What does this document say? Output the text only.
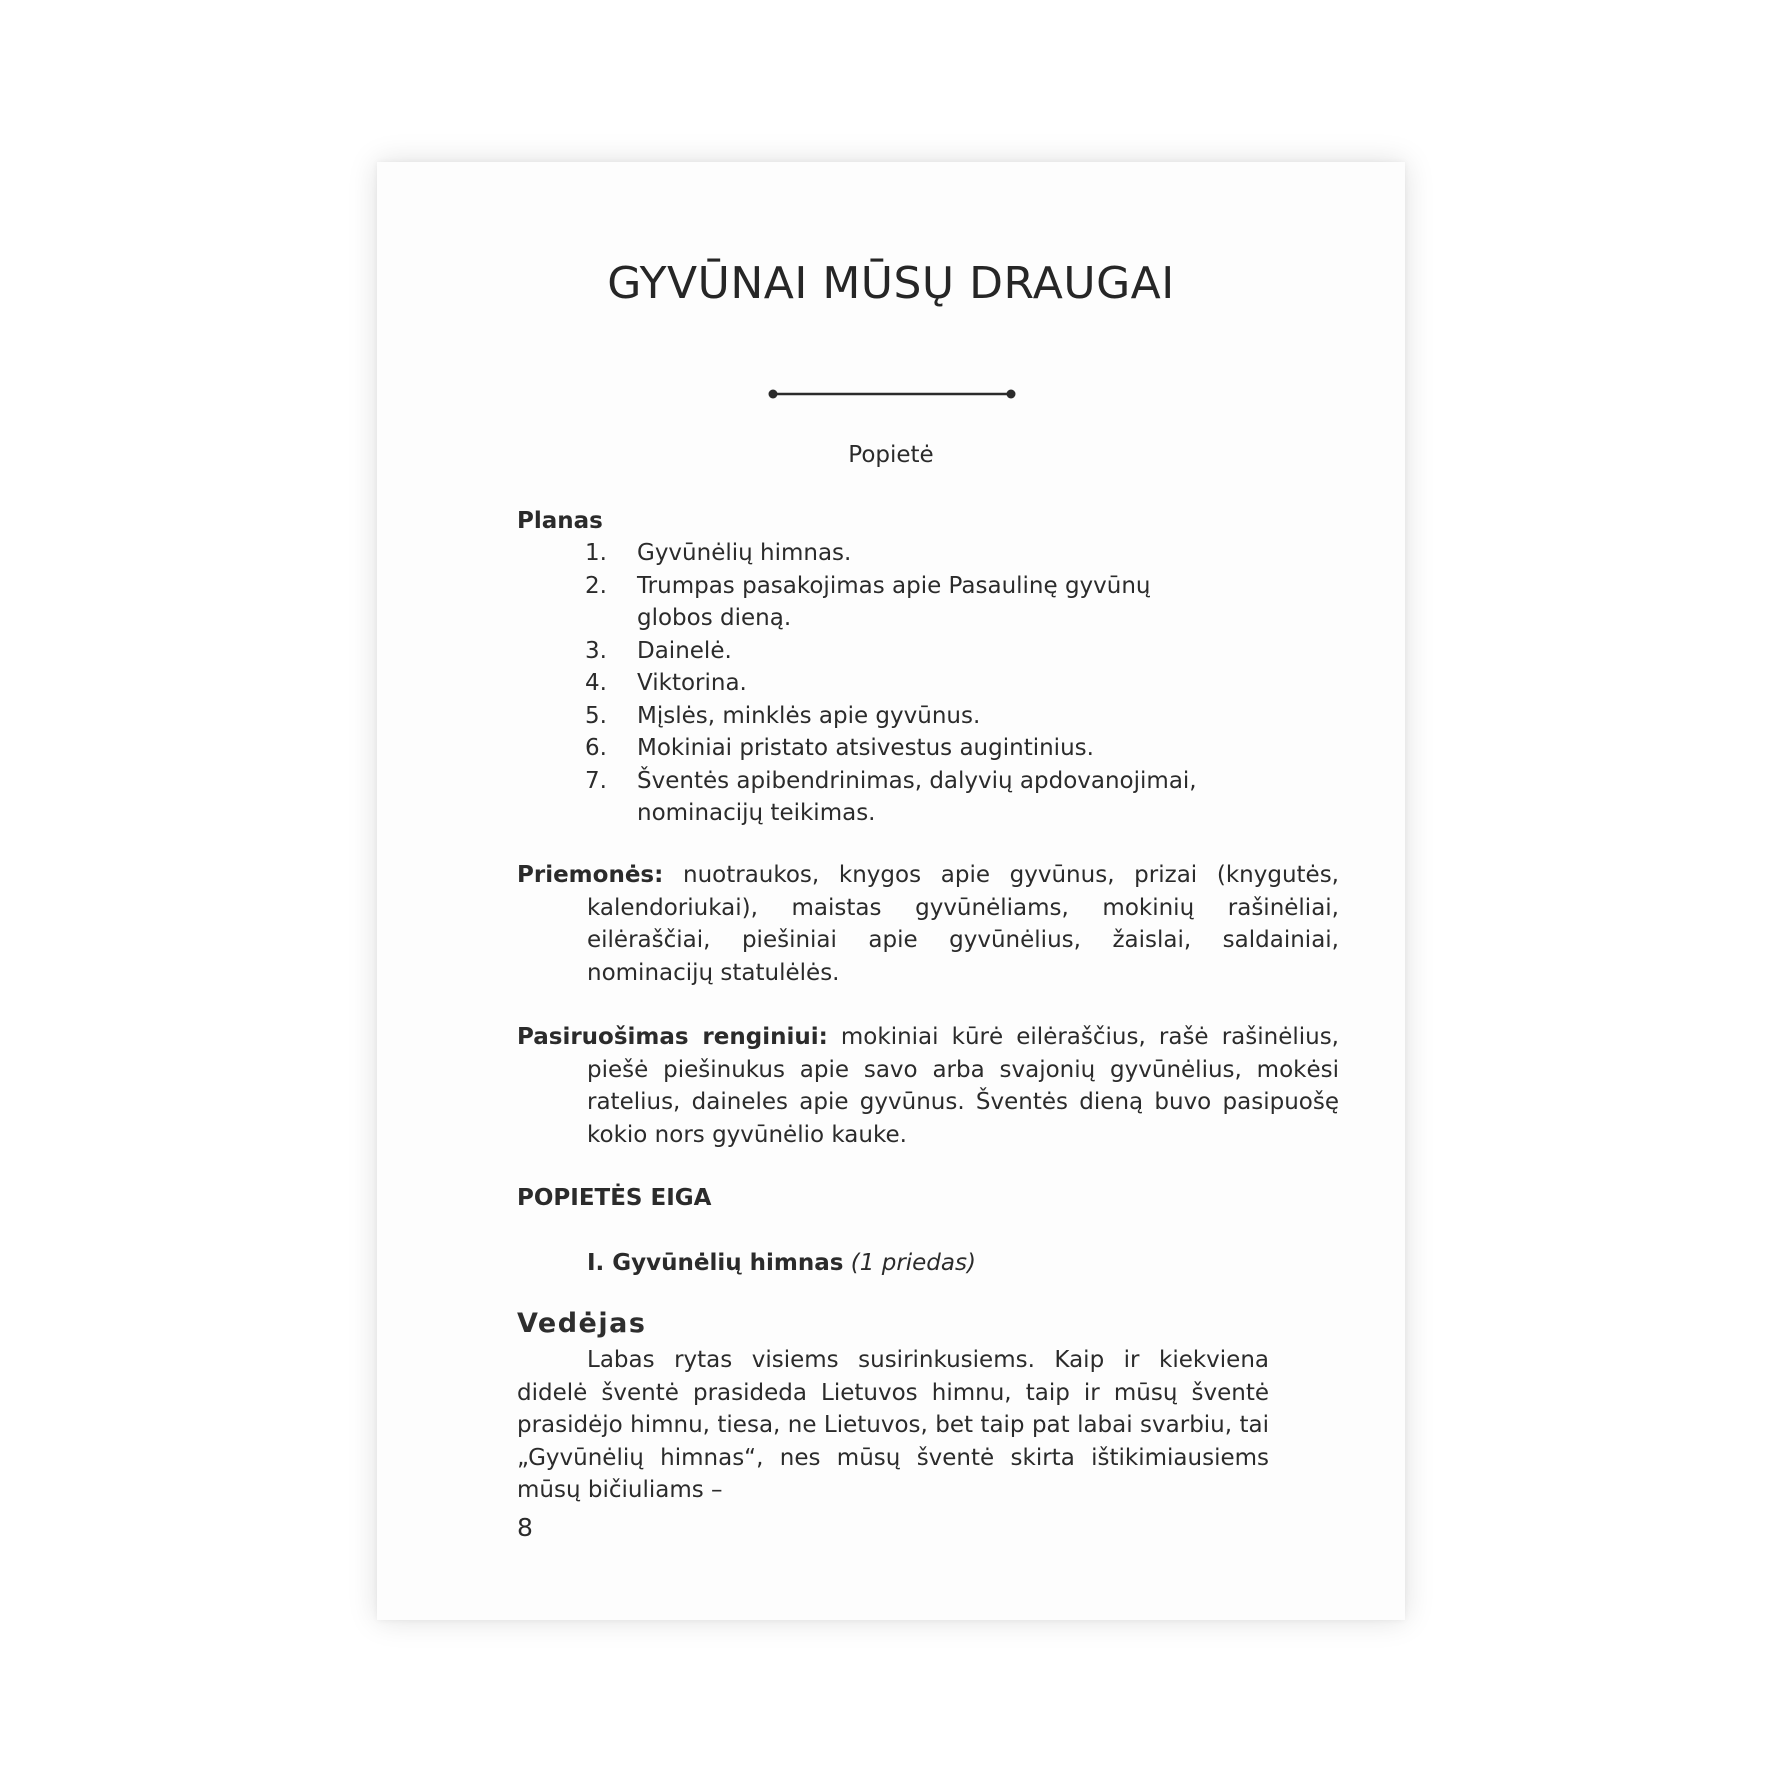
GYVŪNAI MŪSŲ DRAUGAI
Popietė
Planas
1. Gyvūnėlių himnas.
2. Trumpas pasakojimas apie Pasaulinę gyvūnų globos dieną.
3. Dainelė.
4. Viktorina.
5. Mįslės, minklės apie gyvūnus.
6. Mokiniai pristato atsivestus augintinius.
7. Šventės apibendrinimas, dalyvių apdovanojimai, nominacijų teikimas.
Priemonės: nuotraukos, knygos apie gyvūnus, prizai (knygutės, kalendoriukai), maistas gyvūnėliams, mokinių rašinėliai, eilėraščiai, piešiniai apie gyvūnėlius, žaislai, saldainiai, nominacijų statulėlės.
Pasiruošimas renginiui: mokiniai kūrė eilėraščius, rašė rašinėlius, piešė piešinukus apie savo arba svajonių gyvūnėlius, mokėsi ratelius, daineles apie gyvūnus. Šventės dieną buvo pasipuošę kokio nors gyvūnėlio kauke.
POPIETĖS EIGA
I. Gyvūnėlių himnas (1 priedas)
Vedėjas
Labas rytas visiems susirinkusiems. Kaip ir kiekviena didelė šventė prasideda Lietuvos himnu, taip ir mūsų šventė prasidėjo himnu, tiesa, ne Lietuvos, bet taip pat labai svarbiu, tai „Gyvūnėlių himnas“, nes mūsų šventė skirta ištikimiausiems mūsų bičiuliams –
8
